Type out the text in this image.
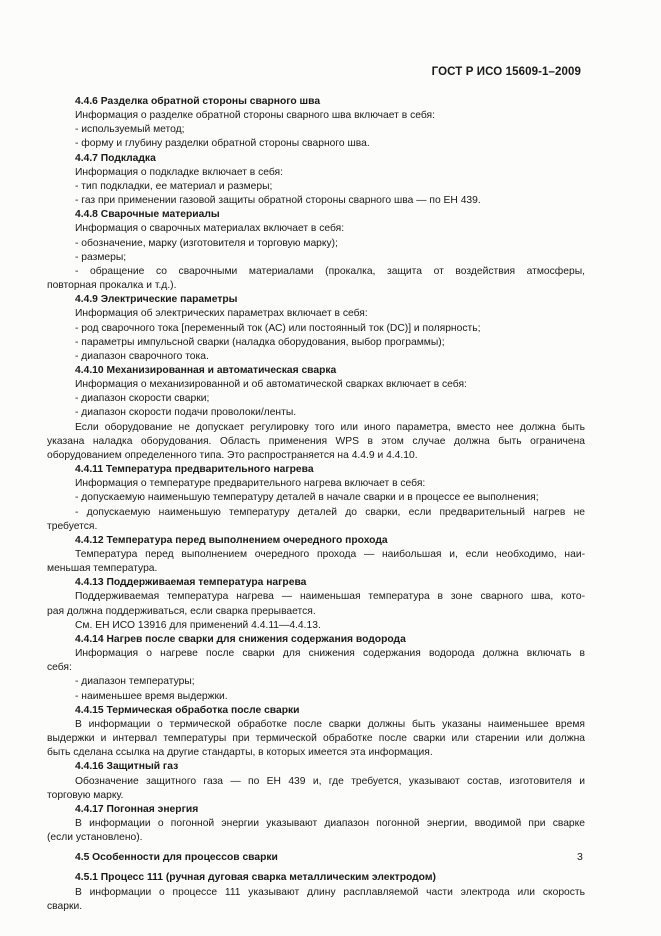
ГОСТ Р ИСО 15609-1–2009

4.4.6 Разделка обратной стороны сварного шва

Информация о разделке обратной стороны сварного шва включает в себя:

- используемый метод;

- форму и глубину разделки обратной стороны сварного шва.

4.4.7 Подкладка

Информация о подкладке включает в себя:

- тип подкладки, ее материал и размеры;

- газ при применении газовой защиты обратной стороны сварного шва — по ЕН 439.

4.4.8 Сварочные материалы

Информация о сварочных материалах включает в себя:

- обозначение, марку (изготовителя и торговую марку);

- размеры;

- обращение со сварочными материалами (прокалка, защита от воздействия атмосферы,

повторная прокалка и т.д.).

4.4.9 Электрические параметры

Информация об электрических параметрах включает в себя:

- род сварочного тока [переменный ток (АС) или постоянный ток (DC)] и полярность;

- параметры импульсной сварки (наладка оборудования, выбор программы);

- диапазон сварочного тока.

4.4.10 Механизированная и автоматическая сварка

Информация о механизированной и об автоматической сварках включает в себя:

- диапазон скорости сварки;

- диапазон скорости подачи проволоки/ленты.

Если оборудование не допускает регулировку того или иного параметра, вместо нее должна быть

указана наладка оборудования. Область применения WPS в этом случае должна быть ограничена

оборудованием определенного типа. Это распространяется на 4.4.9 и 4.4.10.

4.4.11 Температура предварительного нагрева

Информация о температуре предварительного нагрева включает в себя:

- допускаемую наименьшую температуру деталей в начале сварки и в процессе ее выполнения;

- допускаемую наименьшую температуру деталей до сварки, если предварительный нагрев не

требуется.

4.4.12 Температура перед выполнением очередного прохода

Температура перед выполнением очередного прохода — наибольшая и, если необходимо, наи-

меньшая температура.

4.4.13 Поддерживаемая температура нагрева

Поддерживаемая температура нагрева — наименьшая температура в зоне сварного шва, кото-

рая должна поддерживаться, если сварка прерывается.

См. ЕН ИСО 13916 для применений 4.4.11—4.4.13.

4.4.14 Нагрев после сварки для снижения содержания водорода

Информация о нагреве после сварки для снижения содержания водорода должна включать в

себя:

- диапазон температуры;

- наименьшее время выдержки.

4.4.15 Термическая обработка после сварки

В информации о термической обработке после сварки должны быть указаны наименьшее время

выдержки и интервал температуры при термической обработке после сварки или старении или должна

быть сделана ссылка на другие стандарты, в которых имеется эта информация.

4.4.16 Защитный газ

Обозначение защитного газа — по ЕН 439 и, где требуется, указывают состав, изготовителя и

торговую марку.

4.4.17 Погонная энергия

В информации о погонной энергии указывают диапазон погонной энергии, вводимой при сварке

(если установлено).

4.5 Особенности для процессов сварки

4.5.1 Процесс 111 (ручная дуговая сварка металлическим электродом)

В информации о процессе 111 указывают длину расплавляемой части электрода или скорость

сварки.

3
